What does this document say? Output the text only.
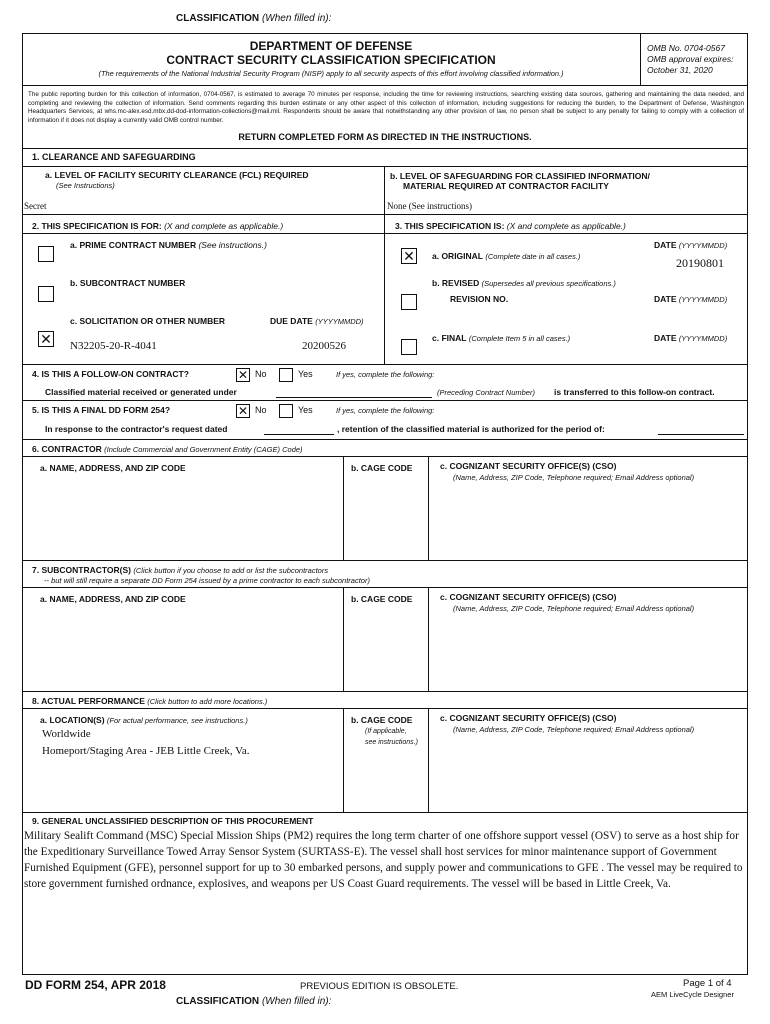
CLASSIFICATION (When filled in):
DEPARTMENT OF DEFENSE
CONTRACT SECURITY CLASSIFICATION SPECIFICATION
(The requirements of the National Industrial Security Program (NISP) apply to all security aspects of this effort involving classified information.)
OMB No. 0704-0567
OMB approval expires:
October 31, 2020
The public reporting burden for this collection of information, 0704-0567, is estimated to average 70 minutes per response, including the time for reviewing instructions, searching existing data sources, gathering and maintaining the data needed, and completing and reviewing the collection of information. Send comments regarding this burden estimate or any other aspect of this collection of information, including suggestions for reducing the burden, to the Department of Defense, Washington Headquarters Services, at whs.mc-alex.esd.mbx.dd-dod-information-collections@mail.mil. Respondents should be aware that notwithstanding any other provision of law, no person shall be subject to any penalty for failing to comply with a collection of information if it does not display a currently valid OMB control number.
RETURN COMPLETED FORM AS DIRECTED IN THE INSTRUCTIONS.
1. CLEARANCE AND SAFEGUARDING
a. LEVEL OF FACILITY SECURITY CLEARANCE (FCL) REQUIRED
(See Instructions)
Secret
b. LEVEL OF SAFEGUARDING FOR CLASSIFIED INFORMATION/
MATERIAL REQUIRED AT CONTRACTOR FACILITY
None (See instructions)
2. THIS SPECIFICATION IS FOR: (X and complete as applicable.)
a. PRIME CONTRACT NUMBER (See instructions.)
b. SUBCONTRACT NUMBER
c. SOLICITATION OR OTHER NUMBER	DUE DATE (YYYYMMDD)
✕ N32205-20-R-4041	20200526
3. THIS SPECIFICATION IS: (X and complete as applicable.)
DATE (YYYYMMDD)
✕ a. ORIGINAL (Complete date in all cases.)	20190801
b. REVISED (Supersedes all previous specifications.)
REVISION NO.	DATE (YYYYMMDD)
c. FINAL (Complete Item 5 in all cases.)	DATE (YYYYMMDD)
4. IS THIS A FOLLOW-ON CONTRACT?	✕ No	Yes	If yes, complete the following:
Classified material received or generated under	(Preceding Contract Number) is transferred to this follow-on contract.
5. IS THIS A FINAL DD FORM 254?	✕ No	Yes	If yes, complete the following:
In response to the contractor's request dated	, retention of the classified material is authorized for the period of:
6. CONTRACTOR (Include Commercial and Government Entity (CAGE) Code)
a. NAME, ADDRESS, AND ZIP CODE	b. CAGE CODE	c. COGNIZANT SECURITY OFFICE(S) (CSO)
(Name, Address, ZIP Code, Telephone required; Email Address optional)
7. SUBCONTRACTOR(S) (Click button if you choose to add or list the subcontractors
-- but will still require a separate DD Form 254 issued by a prime contractor to each subcontractor)
a. NAME, ADDRESS, AND ZIP CODE	b. CAGE CODE	c. COGNIZANT SECURITY OFFICE(S) (CSO)
(Name, Address, ZIP Code, Telephone required; Email Address optional)
8. ACTUAL PERFORMANCE (Click button to add more locations.)
a. LOCATION(S) (For actual performance, see instructions.)
Worldwide
Homeport/Staging Area - JEB Little Creek, Va.
b. CAGE CODE
(If applicable,
see instructions.)
c. COGNIZANT SECURITY OFFICE(S) (CSO)
(Name, Address, ZIP Code, Telephone required; Email Address optional)
9. GENERAL UNCLASSIFIED DESCRIPTION OF THIS PROCUREMENT
Military Sealift Command (MSC) Special Mission Ships (PM2) requires the long term charter of one offshore support vessel (OSV) to serve as a host ship for the Expeditionary Surveillance Towed Array Sensor System (SURTASS-E). The vessel shall host services for minor maintenance support of Government Furnished Equipment (GFE), personnel support for up to 30 embarked persons, and supply power and communications to GFE . The vessel may be required to store government furnished ordnance, explosives, and weapons per US Coast Guard requirements. The vessel will be based in Little Creek, Va.
DD FORM 254, APR 2018	PREVIOUS EDITION IS OBSOLETE.	Page 1 of 4
AEM LiveCycle Designer
CLASSIFICATION (When filled in):
